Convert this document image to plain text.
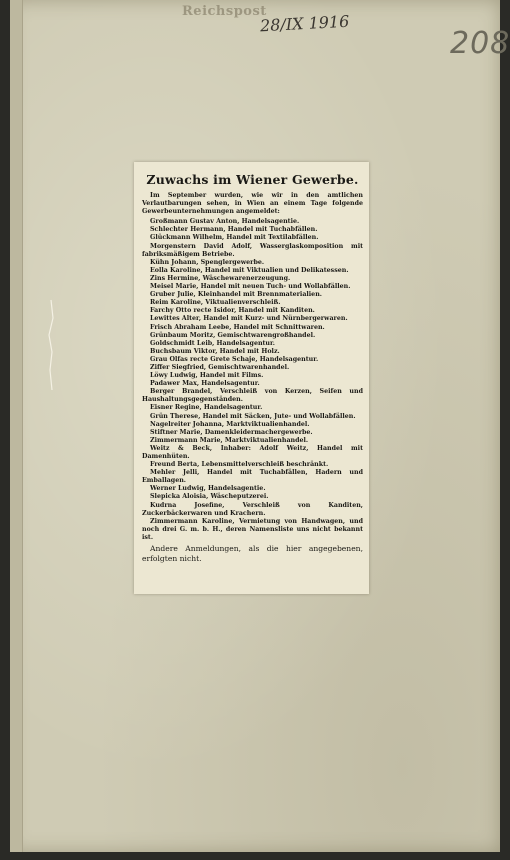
Reichspost
28/IX 1916
208
Zuwachs im Wiener Gewerbe.

Im September wurden, wie wir in den amtlichen Verlautbarungen sehen, in Wien an einem Tage folgende Gewerbeunternehmungen angemeldet:

Großmann Gustav Anton, Handelsagentie.

Schlechter Hermann, Handel mit Tuchabfällen.

Glückmann Wilhelm, Handel mit Textilabfällen.

Morgenstern David Adolf, Wasserglaskomposition mit fabriksmäßigem Betriebe.

Kühn Johann, Spenglergewerbe.

Eolla Karoline, Handel mit Viktualien und Delikatessen.

Zins Hermine, Wäschewarenerzeugung.

Meisel Marie, Handel mit neuen Tuch- und Wollabfällen.

Gruber Julie, Kleinhandel mit Brennmaterialien.

Reim Karoline, Viktualienverschleiß.

Farchy Otto recte Isidor, Handel mit Kanditen.

Lewittes Alter, Handel mit Kurz- und Nürnbergerwaren.

Frisch Abraham Leebe, Handel mit Schnittwaren.

Grünbaum Moritz, Gemischtwarengroßhandel.

Goldschmidt Leib, Handelsagentur.

Buchsbaum Viktor, Handel mit Holz.

Grau Olfas recte Grete Schaje, Handelsagentur.

Ziffer Siegfried, Gemischtwarenhandel.

Löwy Ludwig, Handel mit Films.

Padawer Max, Handelsagentur.

Berger Brandel, Verschleiß von Kerzen, Seifen und Haushaltungsgegenständen.

Eisner Regine, Handelsagentur.

Grün Therese, Handel mit Säcken, Jute- und Wollabfällen.

Nagelreiter Johanna, Marktviktualienhandel.

Stiftner Marie, Damenkleidermachergewerbe.

Zimmermann Marie, Marktviktualienhandel.

Weitz & Beck, Inhaber: Adolf Weitz, Handel mit Damenhüten.

Freund Berta, Lebensmittelverschleiß beschränkt.

Mehler Jelli, Handel mit Tuchabfällen, Hadern und Emballagen.

Werner Ludwig, Handelsagentie.

Slepicka Aloisia, Wäscheputzerei.

Kudrna Josefine, Verschleiß von Kanditen, Zuckerbäckerwaren und Krachern.

Zimmermann Karoline, Vermietung von Handwagen, und noch drei G. m. b. H., deren Namensliste uns nicht bekannt ist.

Andere Anmeldungen, als die hier angegebenen, erfolgten nicht.
